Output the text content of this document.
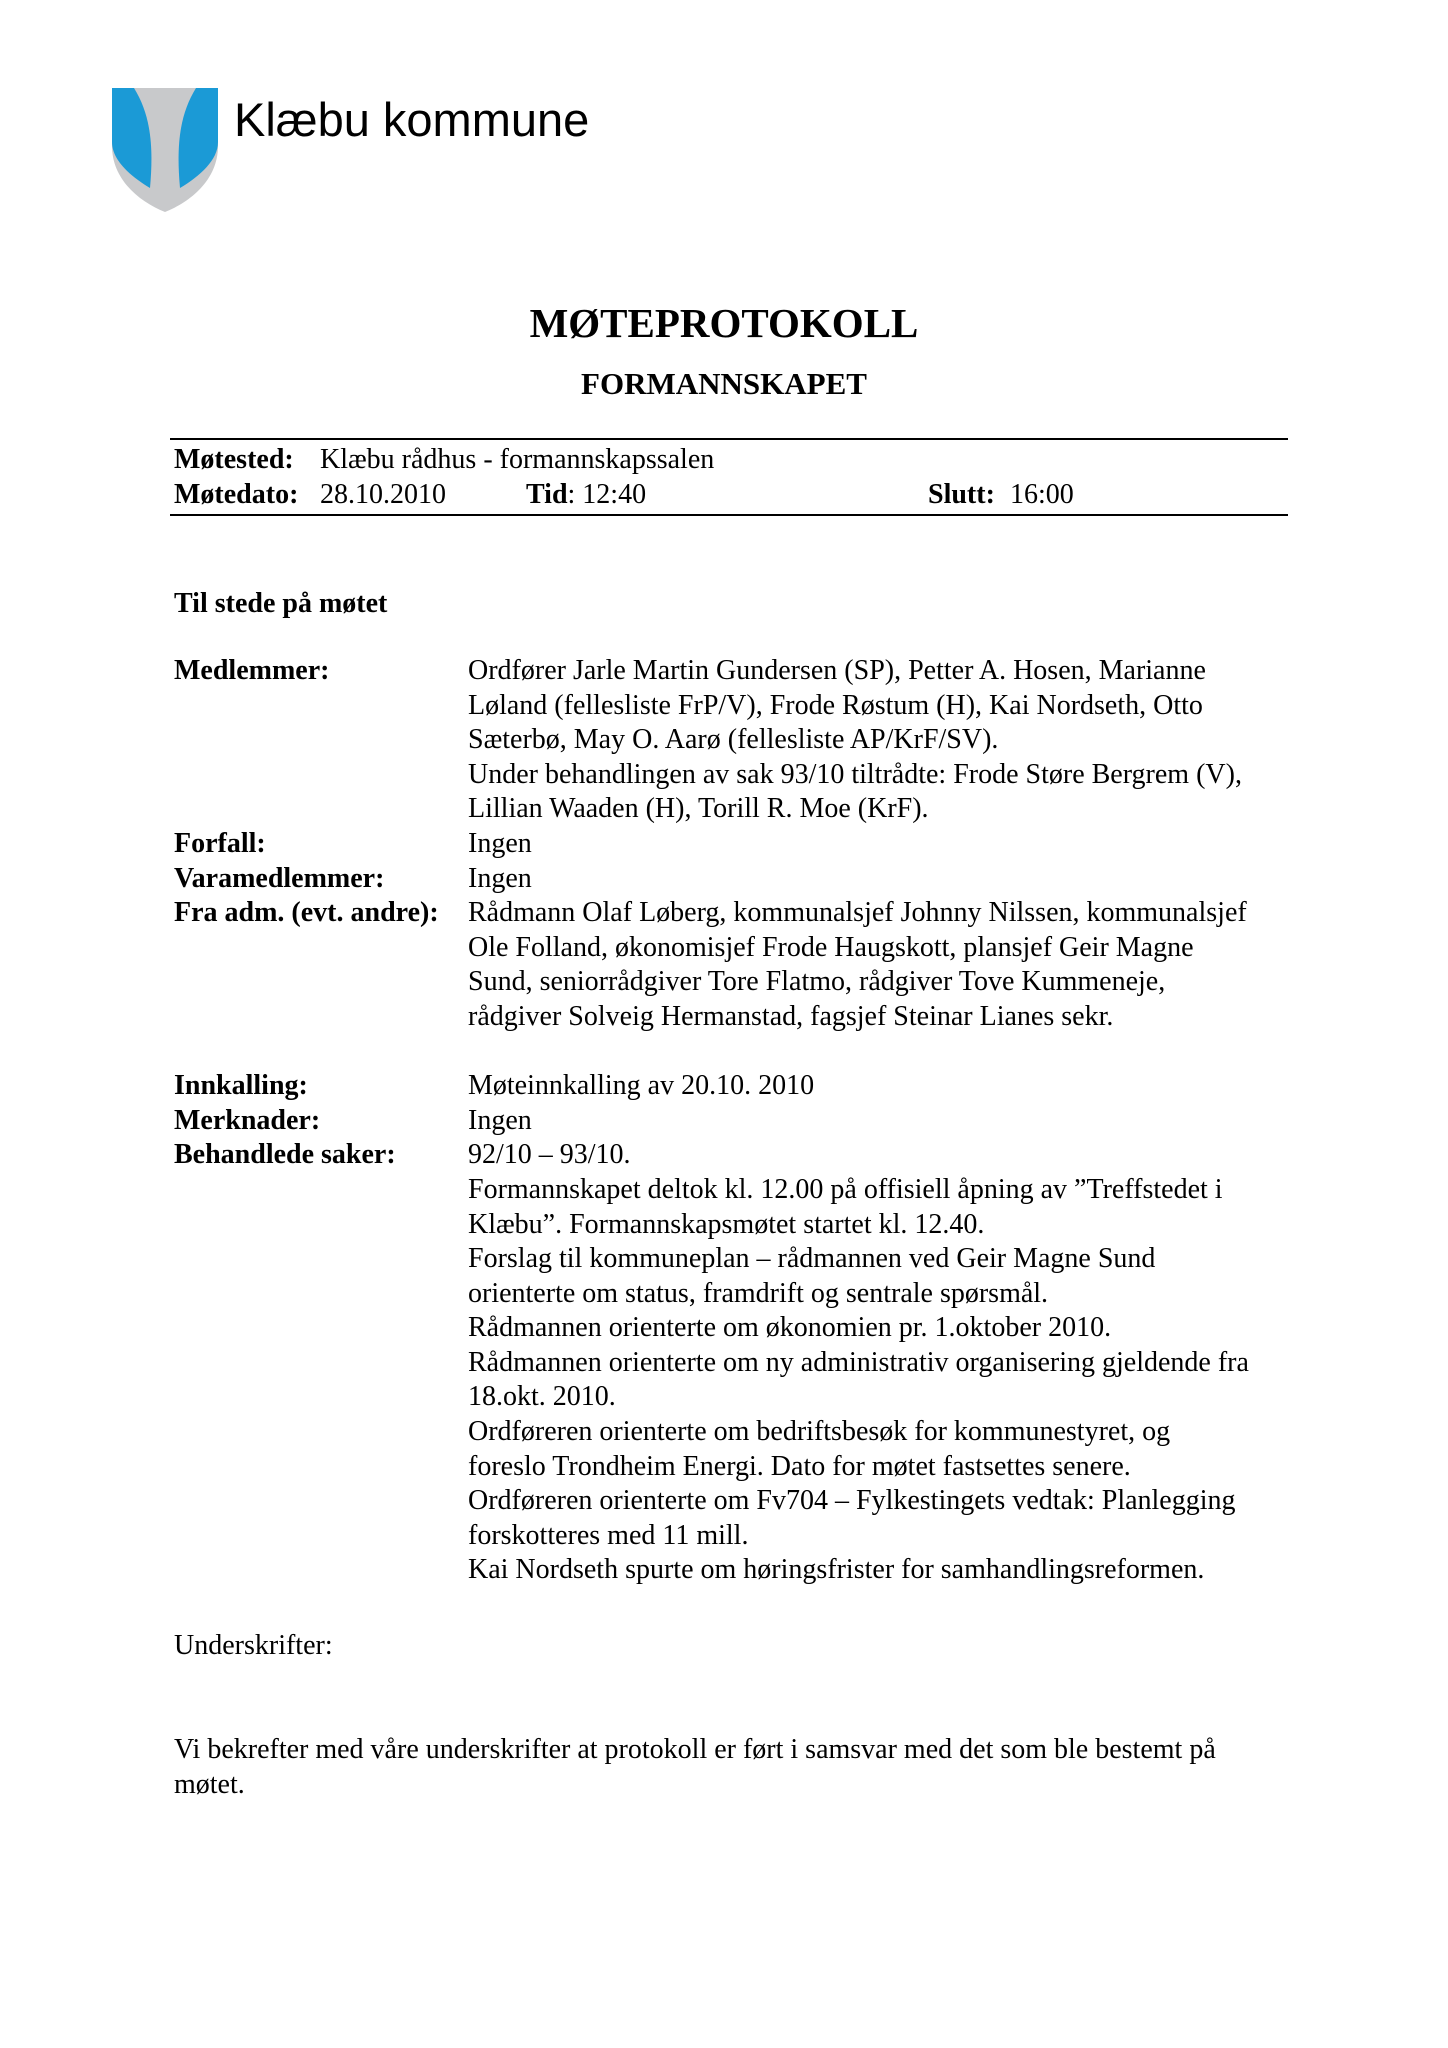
Klæbu kommune
MØTEPROTOKOLL
FORMANNSKAPET
Møtested: Klæbu rådhus - formannskapssalen
Møtedato: 28.10.2010	Tid: 12:40	Slutt: 16:00
Til stede på møtet
Medlemmer:	Ordfører Jarle Martin Gundersen (SP), Petter A. Hosen, Marianne
Løland (fellesliste FrP/V), Frode Røstum (H), Kai Nordseth, Otto
Sæterbø, May O. Aarø (fellesliste AP/KrF/SV).
Under behandlingen av sak 93/10 tiltrådte: Frode Støre Bergrem (V),
Lillian Waaden (H), Torill R. Moe (KrF).
Forfall:	Ingen
Varamedlemmer:	Ingen
Fra adm. (evt. andre):	Rådmann Olaf Løberg, kommunalsjef Johnny Nilssen, kommunalsjef
Ole Folland, økonomisjef Frode Haugskott, plansjef Geir Magne
Sund, seniorrådgiver Tore Flatmo, rådgiver Tove Kummeneje,
rådgiver Solveig Hermanstad, fagsjef Steinar Lianes sekr.
Innkalling:	Møteinnkalling av 20.10. 2010
Merknader:	Ingen
Behandlede saker:	92/10 – 93/10.
Formannskapet deltok kl. 12.00 på offisiell åpning av ”Treffstedet i
Klæbu”. Formannskapsmøtet startet kl. 12.40.
Forslag til kommuneplan – rådmannen ved Geir Magne Sund
orienterte om status, framdrift og sentrale spørsmål.
Rådmannen orienterte om økonomien pr. 1.oktober 2010.
Rådmannen orienterte om ny administrativ organisering gjeldende fra
18.okt. 2010.
Ordføreren orienterte om bedriftsbesøk for kommunestyret, og
foreslo Trondheim Energi. Dato for møtet fastsettes senere.
Ordføreren orienterte om Fv704 – Fylkestingets vedtak: Planlegging
forskotteres med 11 mill.
Kai Nordseth spurte om høringsfrister for samhandlingsreformen.
Underskrifter:
Vi bekrefter med våre underskrifter at protokoll er ført i samsvar med det som ble bestemt på
møtet.
